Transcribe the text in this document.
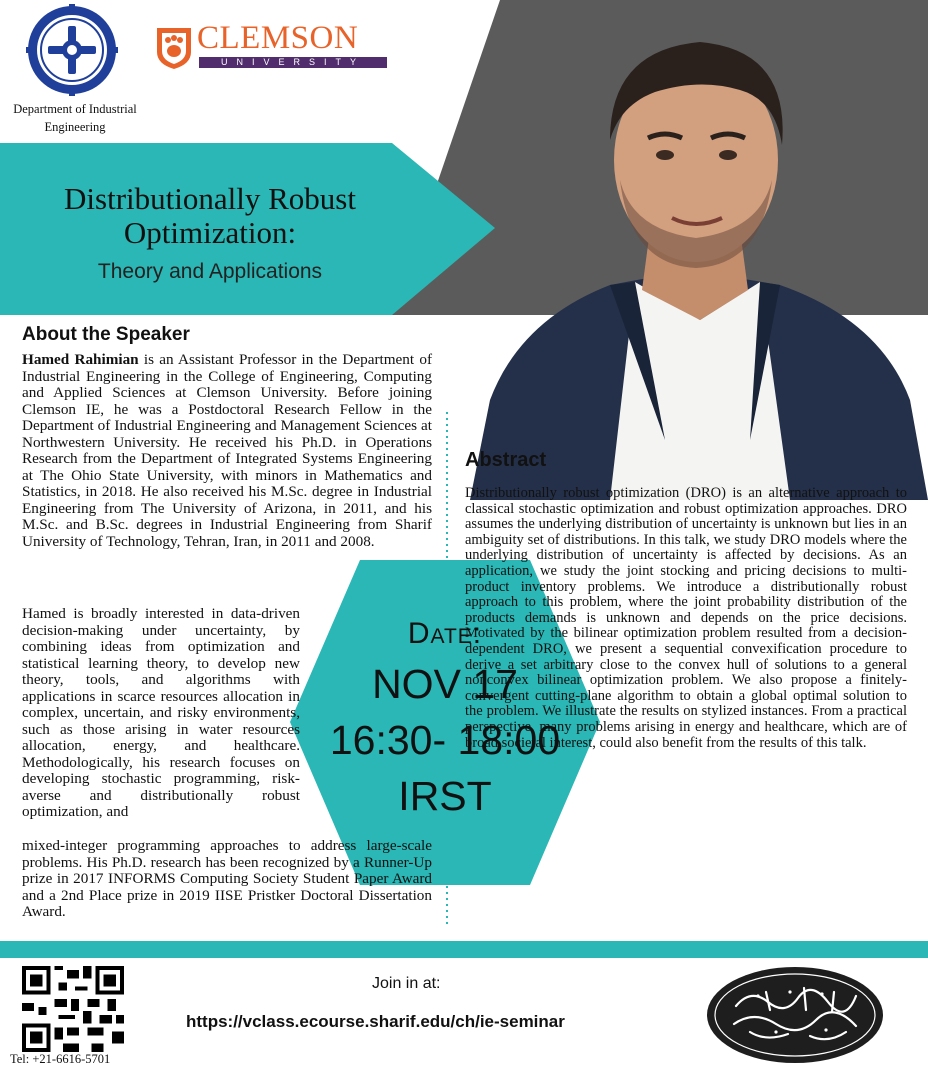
Department of Industrial Engineering
CLEMSON
UNIVERSITY
Distributionally Robust Optimization:
Theory and Applications
About the Speaker
Hamed Rahimian is an Assistant Professor in the Department of Industrial Engineering in the College of Engineering, Computing and Applied Sciences at Clemson University. Before joining Clemson IE, he was a Postdoctoral Research Fellow in the Department of Industrial Engineering and Management Sciences at Northwestern University. He received his Ph.D. in Operations Research from the Department of Integrated Systems Engineering at The Ohio State University, with minors in Mathematics and Statistics, in 2018. He also received his M.Sc. degree in Industrial Engineering from The University of Arizona, in 2011, and his M.Sc. and B.Sc. degrees in Industrial Engineering from Sharif University of Technology, Tehran, Iran, in 2011 and 2008.
Hamed is broadly interested in data-driven decision-making under uncertainty, by combining ideas from optimization and statistical learning theory, to develop new theory, tools, and algorithms with applications in scarce resources allocation in complex, uncertain, and risky environments, such as those arising in water resources allocation, energy, and healthcare. Methodologically, his research focuses on developing stochastic programming, risk-averse and distributionally robust optimization, and
mixed-integer programming approaches to address large-scale problems. His Ph.D. research has been recognized by a Runner-Up prize in 2017 INFORMS Computing Society Student Paper Award and a 2nd Place prize in 2019 IISE Pristker Doctoral Dissertation Award.
Date:
NOV 17
16:30- 18:00
IRST
Abstract
Distributionally robust optimization (DRO) is an alternative approach to classical stochastic optimization and robust optimization approaches. DRO assumes the underlying distribution of uncertainty is unknown but lies in an ambiguity set of distributions. In this talk, we study DRO models where the underlying distribution of uncertainty is affected by decisions. As an application, we study the joint stocking and pricing decisions to multi-product inventory problems. We introduce a distributionally robust approach to this problem, where the joint probability distribution of the products demands is unknown and depends on the price decisions. Motivated by the bilinear optimization problem resulted from a decision-dependent DRO, we present a sequential convexification procedure to derive a set arbitrary close to the convex hull of solutions to a general nonconvex bilinear optimization problem. We also propose a finitely-convergent cutting-plane algorithm to obtain a global optimal solution to the problem. We illustrate the results on stylized instances. From a practical perspective, many problems arising in energy and healthcare, which are of broad societal interest, could also benefit from the results of this talk.
Tel: +21-6616-5701
Join in at:
https://vclass.ecourse.sharif.edu/ch/ie-seminar
